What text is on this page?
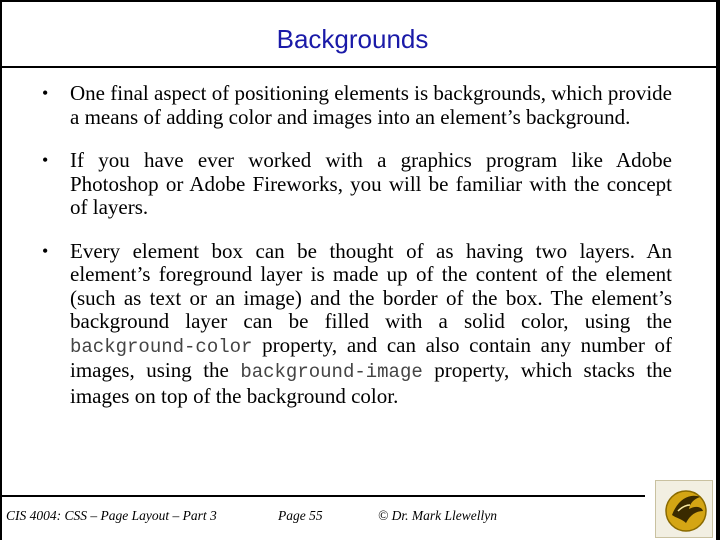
Backgrounds
• One final aspect of positioning elements is backgrounds, which provide a means of adding color and images into an element’s background.
• If you have ever worked with a graphics program like Adobe Photoshop or Adobe Fireworks, you will be familiar with the concept of layers.
• Every element box can be thought of as having two layers. An element’s foreground layer is made up of the content of the element (such as text or an image) and the border of the box. The element’s background layer can be filled with a solid color, using the background-color property, and can also contain any number of images, using the background-image property, which stacks the images on top of the background color.
CIS 4004: CSS – Page Layout – Part 3	Page 55	© Dr. Mark Llewellyn
